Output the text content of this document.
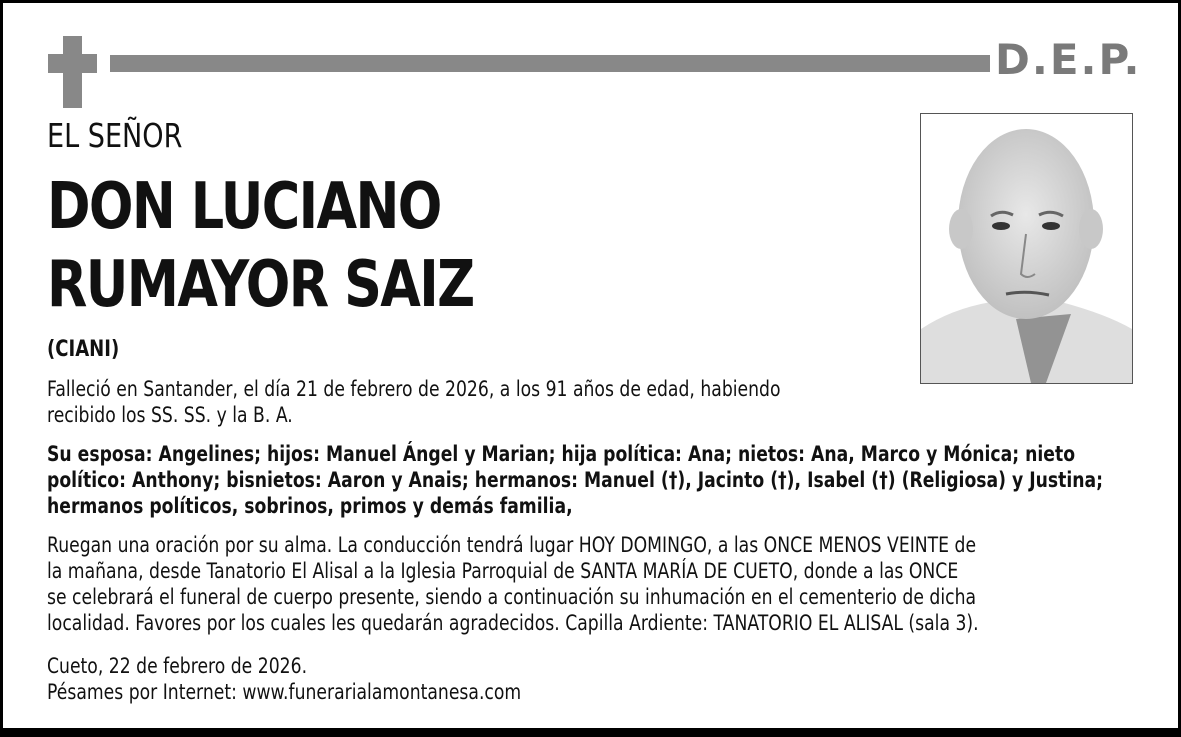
D.E.P.
EL SEÑOR
DON LUCIANO
RUMAYOR SAIZ
(CIANI)
Falleció en Santander, el día 21 de febrero de 2026, a los 91 años de edad, habiendo
recibido los SS. SS. y la B. A.
Su esposa: Angelines; hijos: Manuel Ángel y Marian; hija política: Ana; nietos: Ana, Marco y Mónica; nieto
político: Anthony; bisnietos: Aaron y Anais; hermanos: Manuel (†), Jacinto (†), Isabel (†) (Religiosa) y Justina;
hermanos políticos, sobrinos, primos y demás familia,
Ruegan una oración por su alma. La conducción tendrá lugar HOY DOMINGO, a las ONCE MENOS VEINTE de
la mañana, desde Tanatorio El Alisal a la Iglesia Parroquial de SANTA MARÍA DE CUETO, donde a las ONCE
se celebrará el funeral de cuerpo presente, siendo a continuación su inhumación en el cementerio de dicha
localidad. Favores por los cuales les quedarán agradecidos. Capilla Ardiente: TANATORIO EL ALISAL (sala 3).
Cueto, 22 de febrero de 2026.
Pésames por Internet: www.funerarialamontanesa.com
